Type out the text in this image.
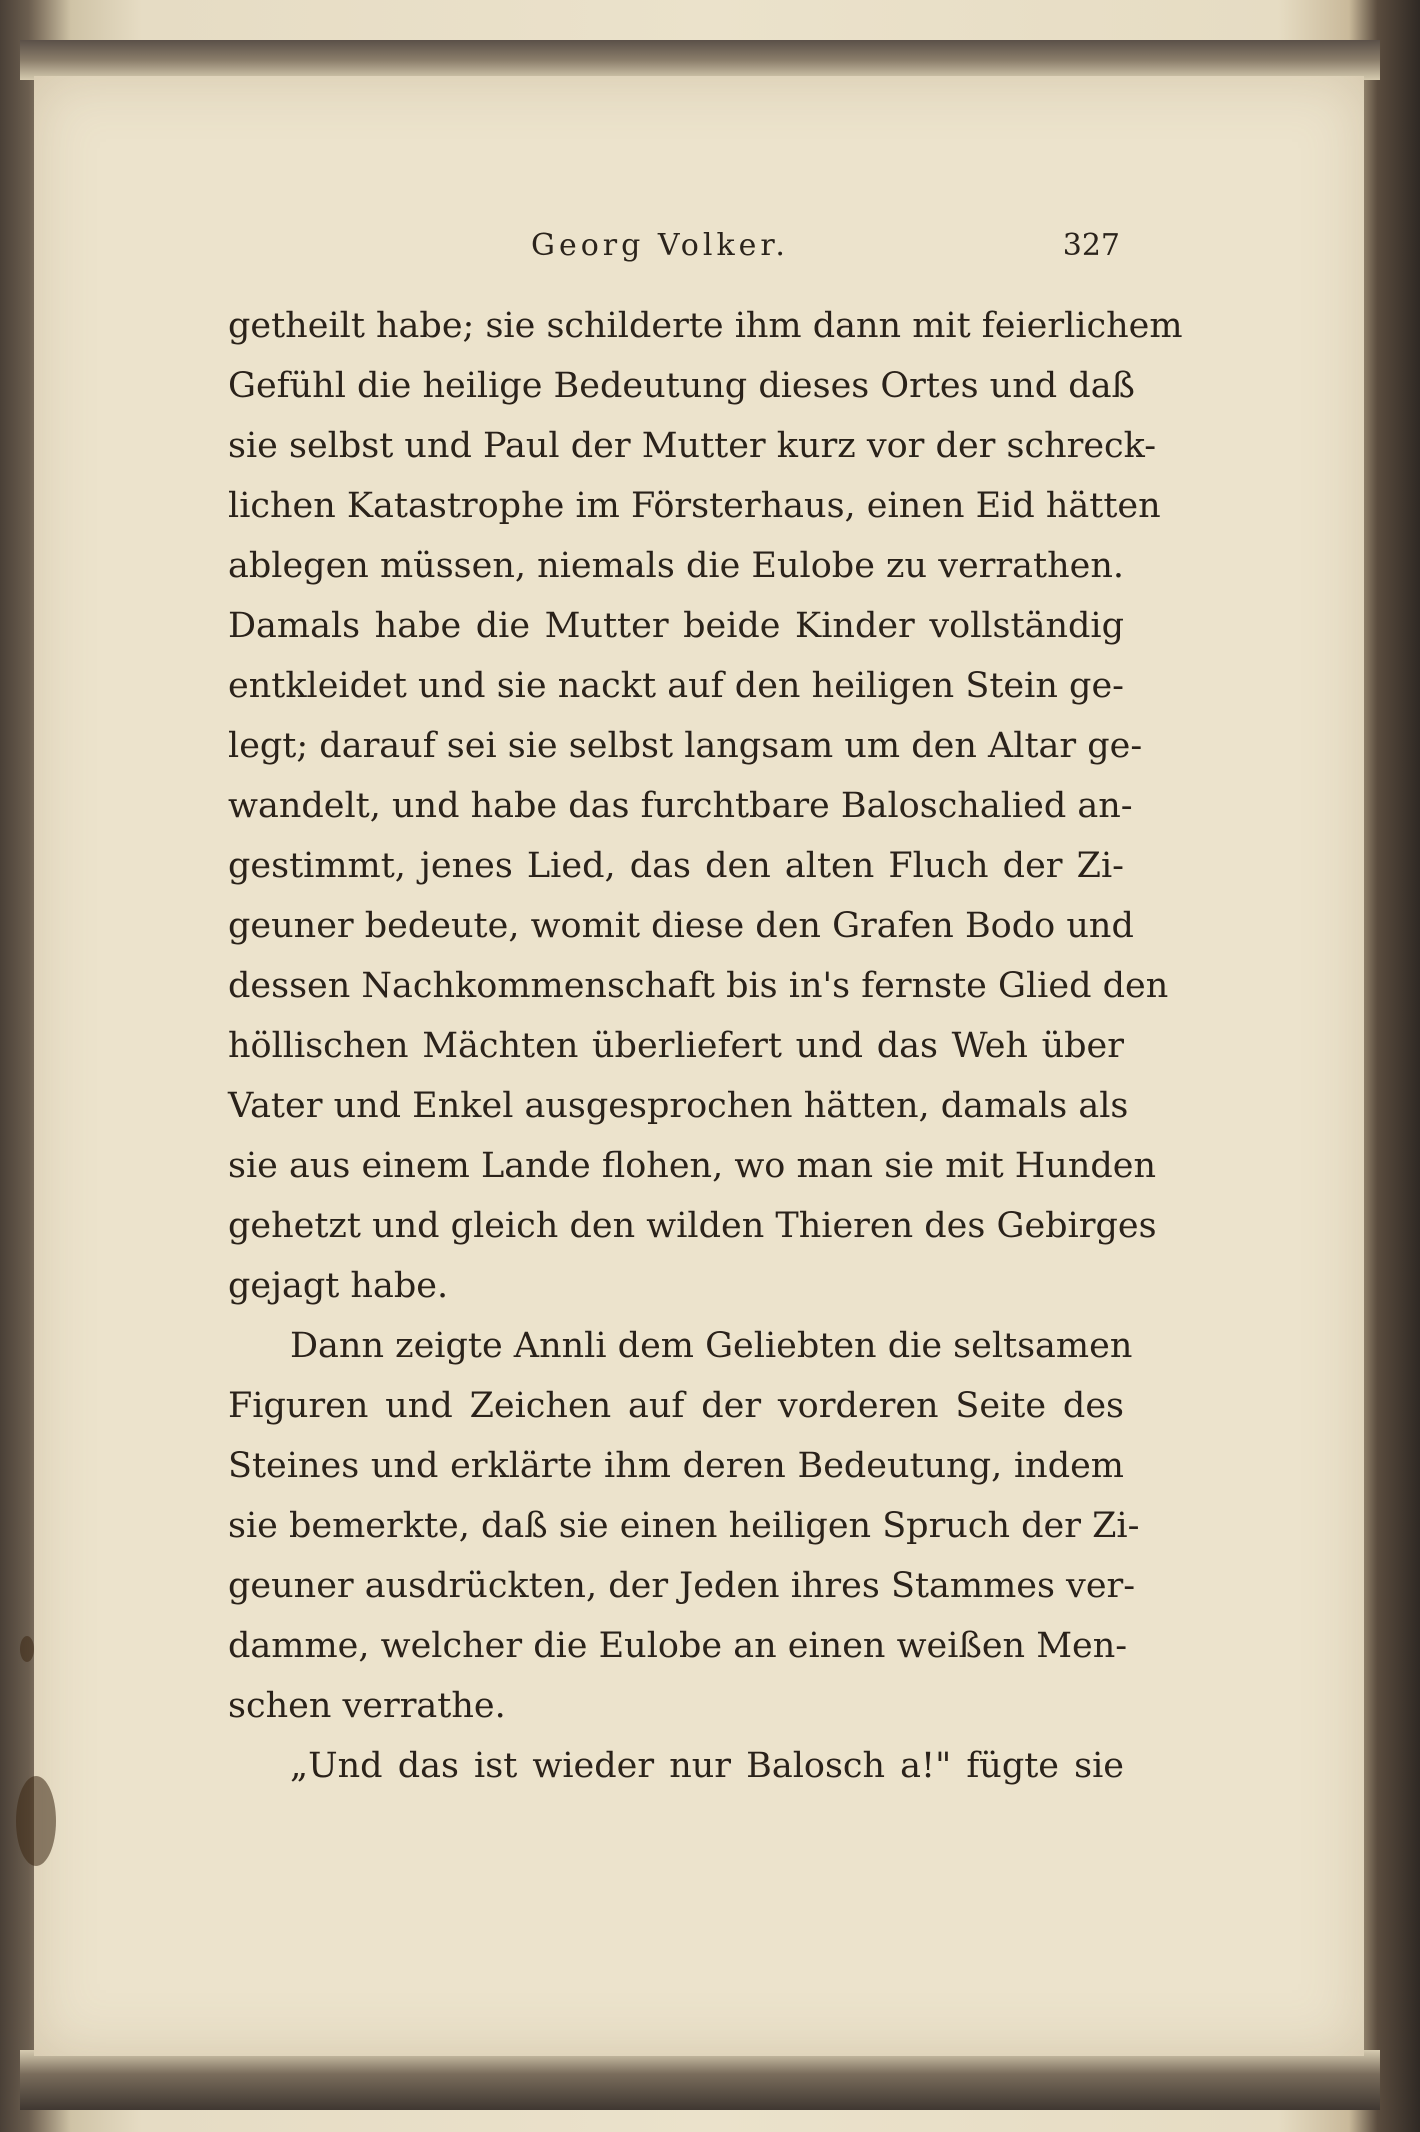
Georg Volker.	327
getheilt habe; sie schilderte ihm dann mit feierlichem
Gefühl die heilige Bedeutung dieses Ortes und daß
sie selbst und Paul der Mutter kurz vor der schreck-
lichen Katastrophe im Försterhaus, einen Eid hätten
ablegen müssen, niemals die Eulobe zu verrathen.
Damals habe die Mutter beide Kinder vollständig
entkleidet und sie nackt auf den heiligen Stein ge-
legt; darauf sei sie selbst langsam um den Altar ge-
wandelt, und habe das furchtbare Baloschalied an-
gestimmt, jenes Lied, das den alten Fluch der Zi-
geuner bedeute, womit diese den Grafen Bodo und
dessen Nachkommenschaft bis in's fernste Glied den
höllischen Mächten überliefert und das Weh über
Vater und Enkel ausgesprochen hätten, damals als
sie aus einem Lande flohen, wo man sie mit Hunden
gehetzt und gleich den wilden Thieren des Gebirges
gejagt habe.
Dann zeigte Annli dem Geliebten die seltsamen
Figuren und Zeichen auf der vorderen Seite des
Steines und erklärte ihm deren Bedeutung, indem
sie bemerkte, daß sie einen heiligen Spruch der Zi-
geuner ausdrückten, der Jeden ihres Stammes ver-
damme, welcher die Eulobe an einen weißen Men-
schen verrathe.
„Und das ist wieder nur Balosch a!" fügte sie
